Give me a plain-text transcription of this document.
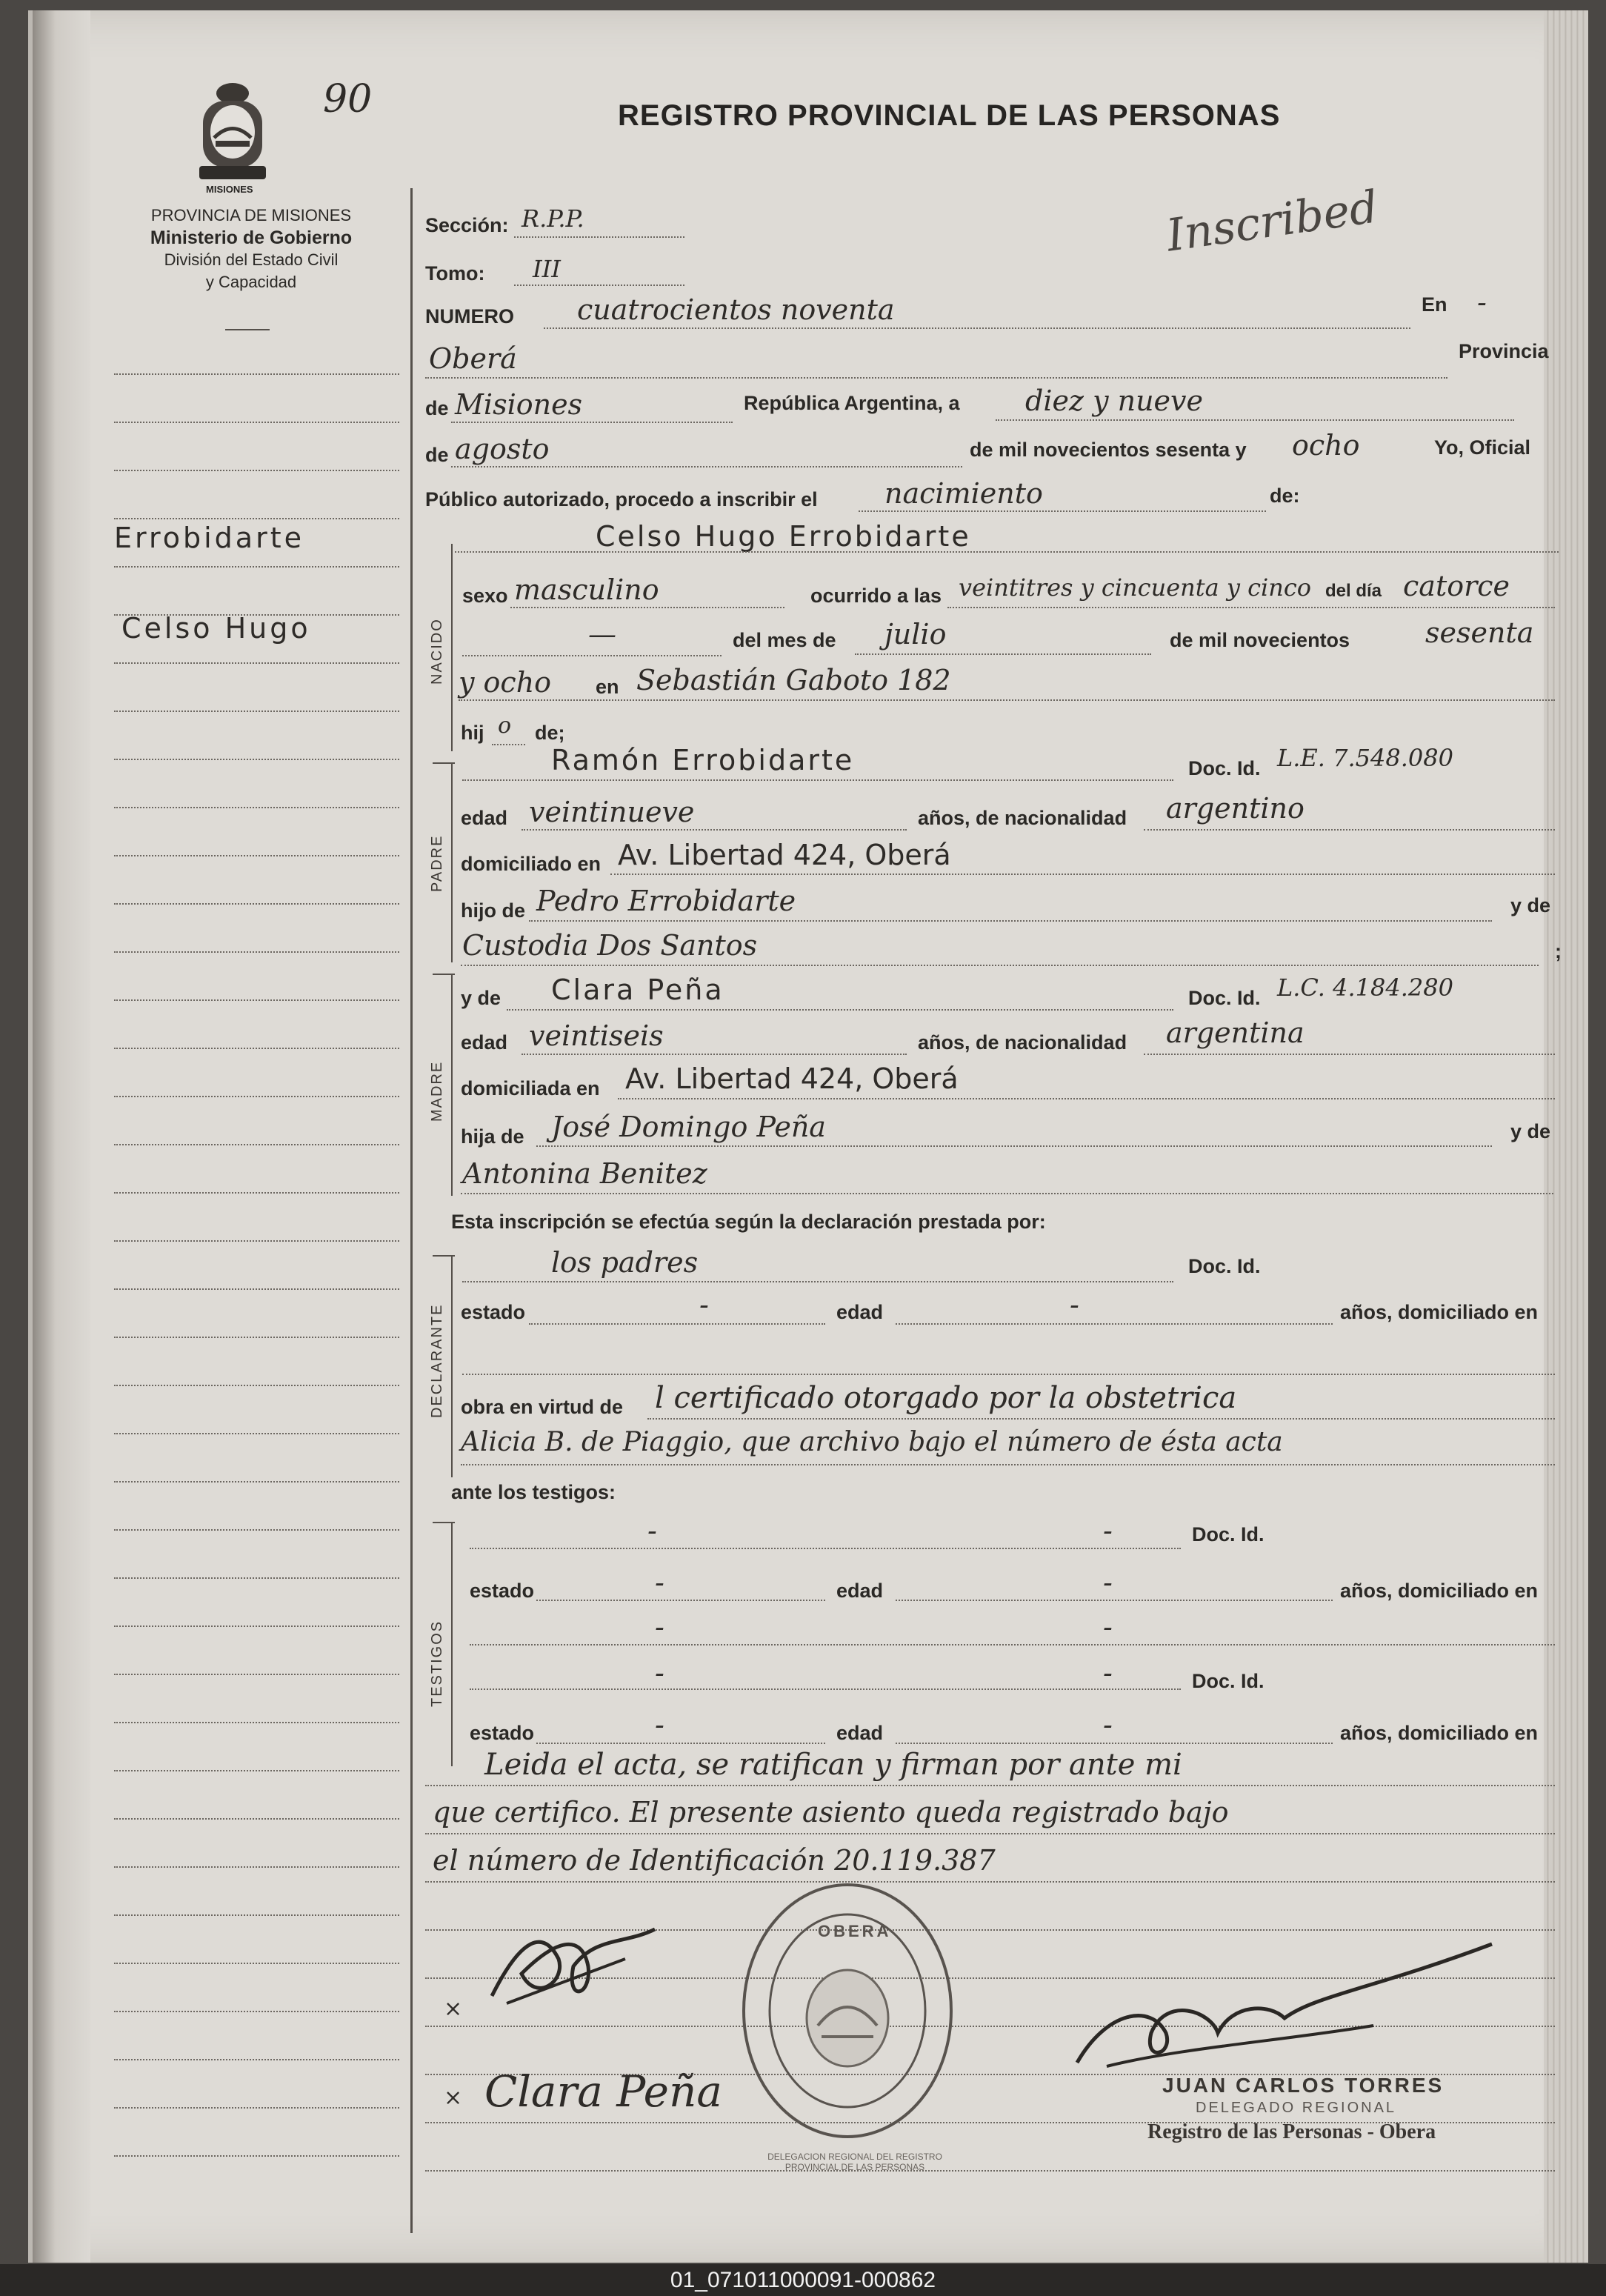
MISIONES
90	REGISTRO PROVINCIAL DE LAS PERSONAS
PROVINCIA DE MISIONES
Ministerio de Gobierno
División del Estado Civil
y Capacidad
Errobidarte
Celso Hugo
Sección: R.P.P.	Inscribed
Tomo: III
NUMERO cuatrocientos noventa	En -
Oberá	Provincia
de Misiones	República Argentina, a diez y nueve
de agosto	de mil novecientos sesenta y ocho	Yo, Oficial
Público autorizado, procedo a inscribir el nacimiento	de:
Celso Hugo Errobidarte
NACIDO
sexo masculino	ocurrido a las veintitres y cincuenta y cinco del día catorce
—	del mes de julio	de mil novecientos	sesenta
y ocho en Sebastián Gaboto 182
hij o de;
PADRE
Ramón Errobidarte	Doc. Id. L.E. 7.548.080
edad veintinueve	años, de nacionalidad argentino
domiciliado en Av. Libertad 424, Oberá
hijo de Pedro Errobidarte	y de
Custodia Dos Santos	;
MADRE
y de Clara Peña	Doc. Id. L.C. 4.184.280
edad veintiseis	años, de nacionalidad argentina
domiciliada en Av. Libertad 424, Oberá
hija de José Domingo Peña	y de
Antonina Benitez
Esta inscripción se efectúa según la declaración prestada por:
DECLARANTE
los padres	Doc. Id.
estado	-	edad	-	años, domiciliado en
obra en virtud de l certificado otorgado por la obstetrica
Alicia B. de Piaggio, que archivo bajo el número de ésta acta
ante los testigos:
TESTIGOS
-	-	Doc. Id.
estado	-	edad	-	años, domiciliado en
-	-
-	-	Doc. Id.
estado	-	edad	-	años, domiciliado en
Leida el acta, se ratifican y firman por ante mi
que certifico. El presente asiento queda registrado bajo
el número de Identificación 20.119.387
×
× Clara Peña
OBERA
DELEGACION REGIONAL DEL REGISTRO PROVINCIAL DE LAS PERSONAS
JUAN CARLOS TORRES
DELEGADO REGIONAL
Registro de las Personas - Obera
01_071011000091-000862
